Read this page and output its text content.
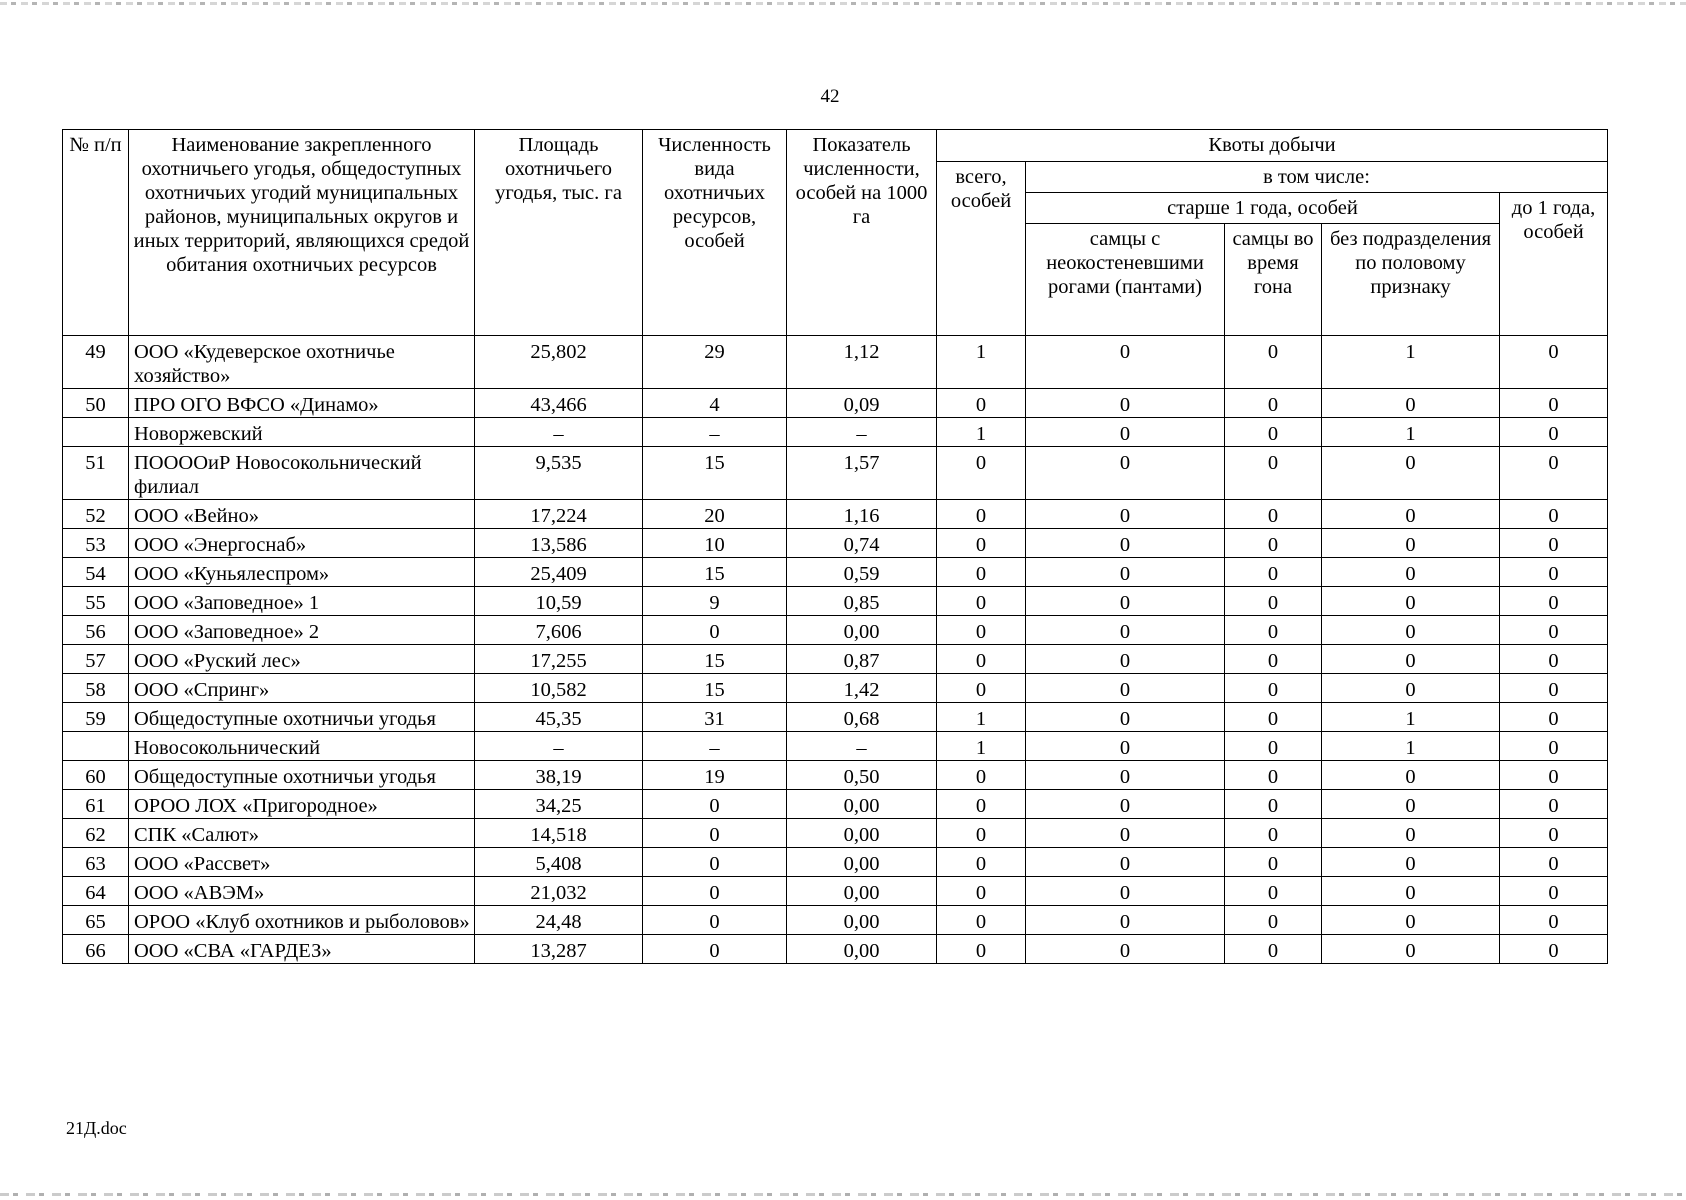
42
№ п/п	Наименование закрепленного охотничьего угодья, общедоступных охотничьих угодий муниципальных районов, муниципальных округов и иных территорий, являющихся средой обитания охотничьих ресурсов	Площадь охотничьего угодья, тыс. га	Численность вида охотничьих ресурсов, особей	Показатель численности, особей на 1000 га	Квоты добычи				
					всего, особей	в том числе:			
						старше 1 года, особей			до 1 года, особей
						самцы с неокостеневшими рогами (пантами)	самцы во время гона	без подразделения по половому признаку	
49	ООО «Кудеверское охотничье хозяйство»	25,802	29	1,12	1	0	0	1	0
50	ПРО ОГО ВФСО «Динамо»	43,466	4	0,09	0	0	0	0	0
	Новоржевский	–	–	–	1	0	0	1	0
51	ПООООиР Новосокольнический филиал	9,535	15	1,57	0	0	0	0	0
52	ООО «Вейно»	17,224	20	1,16	0	0	0	0	0
53	ООО «Энергоснаб»	13,586	10	0,74	0	0	0	0	0
54	ООО «Куньялеспром»	25,409	15	0,59	0	0	0	0	0
55	ООО «Заповедное» 1	10,59	9	0,85	0	0	0	0	0
56	ООО «Заповедное» 2	7,606	0	0,00	0	0	0	0	0
57	ООО «Руский лес»	17,255	15	0,87	0	0	0	0	0
58	ООО «Спринг»	10,582	15	1,42	0	0	0	0	0
59	Общедоступные охотничьи угодья	45,35	31	0,68	1	0	0	1	0
	Новосокольнический	–	–	–	1	0	0	1	0
60	Общедоступные охотничьи угодья	38,19	19	0,50	0	0	0	0	0
61	ОРОО ЛОХ «Пригородное»	34,25	0	0,00	0	0	0	0	0
62	СПК «Салют»	14,518	0	0,00	0	0	0	0	0
63	ООО «Рассвет»	5,408	0	0,00	0	0	0	0	0
64	ООО «АВЭМ»	21,032	0	0,00	0	0	0	0	0
65	ОРОО «Клуб охотников и рыболовов»	24,48	0	0,00	0	0	0	0	0
66	ООО «СВА «ГАРДЕЗ»	13,287	0	0,00	0	0	0	0	0
21Д.doc
